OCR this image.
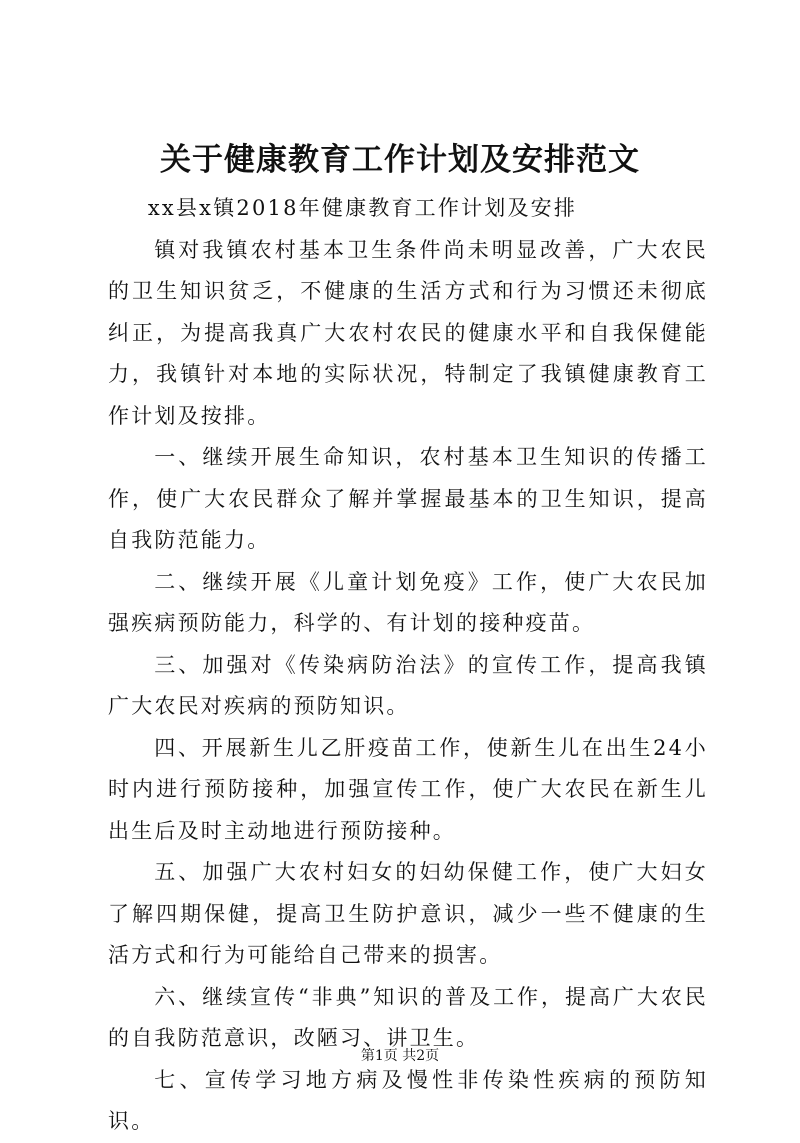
关于健康教育工作计划及安排范文

xx县x镇2018年健康教育工作计划及安排

镇对我镇农村基本卫生条件尚未明显改善，广大农民的卫生知识贫乏，不健康的生活方式和行为习惯还未彻底纠正，为提高我真广大农村农民的健康水平和自我保健能力，我镇针对本地的实际状况，特制定了我镇健康教育工作计划及按排。

一、继续开展生命知识，农村基本卫生知识的传播工作，使广大农民群众了解并掌握最基本的卫生知识，提高自我防范能力。

二、继续开展《儿童计划免疫》工作，使广大农民加强疾病预防能力，科学的、有计划的接种疫苗。

三、加强对《传染病防治法》的宣传工作，提高我镇广大农民对疾病的预防知识。

四、开展新生儿乙肝疫苗工作，使新生儿在出生24小时内进行预防接种，加强宣传工作，使广大农民在新生儿出生后及时主动地进行预防接种。

五、加强广大农村妇女的妇幼保健工作，使广大妇女了解四期保健，提高卫生防护意识，减少一些不健康的生活方式和行为可能给自己带来的损害。

六、继续宣传“非典”知识的普及工作，提高广大农民的自我防范意识，改陋习、讲卫生。

七、宣传学习地方病及慢性非传染性疾病的预防知识。

第1页 共2页
